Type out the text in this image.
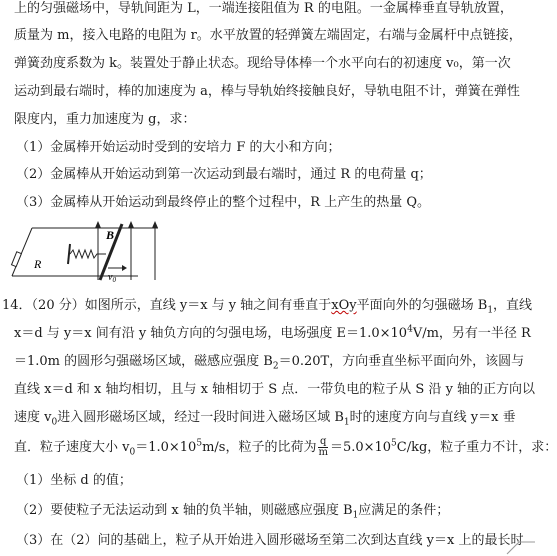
上的匀强磁场中，导轨间距为 L，一端连接阻值为 R 的电阻。一金属棒垂直导轨放置，
质量为 m，接入电路的电阻为 r。水平放置的轻弹簧左端固定，右端与金属杆中点链接，
弹簧劲度系数为 k。装置处于静止状态。现给导体棒一个水平向右的初速度 v₀，第一次
运动到最右端时，棒的加速度为 a，棒与导轨始终接触良好，导轨电阻不计，弹簧在弹性
限度内，重力加速度为 g，求：
（1）金属棒开始运动时受到的安培力 F 的大小和方向；
（2）金属棒从开始运动到第一次运动到最右端时，通过 R 的电荷量 q；
（3）金属棒从开始运动到最终停止的整个过程中，R 上产生的热量 Q。
B
R
$v_0$
14．（20 分）如图所示，直线 y＝x 与 y 轴之间有垂直于xOy平面向外的匀强磁场 $B_1$，直线
x＝d 与 y＝x 间有沿 y 轴负方向的匀强电场，电场强度 $E=1.0\times 10^4V/m$，另有一半径 R
＝1.0m 的圆形匀强磁场区域，磁感应强度 $B_2=0.20T$，方向垂直坐标平面向外，该圆与
直线 x＝d 和 x 轴均相切，且与 x 轴相切于 S 点．一带负电的粒子从 S 沿 y 轴的正方向以
速度 $v_0$进入圆形磁场区域，经过一段时间进入磁场区域 $B_1$时的速度方向与直线 y＝x 垂
直．粒子速度大小 $v_0=1.0\times 10^5m/s$，粒子的比荷为 $\frac{q}{m} =5.0\times 10^5C/kg$，粒子重力不计，求：
（1）坐标 d 的值；
（2）要使粒子无法运动到 x 轴的负半轴，则磁感应强度 $B_1$应满足的条件；
（3）在（2）问的基础上，粒子从开始进入圆形磁场至第二次到达直线 y＝x 上的最长时
